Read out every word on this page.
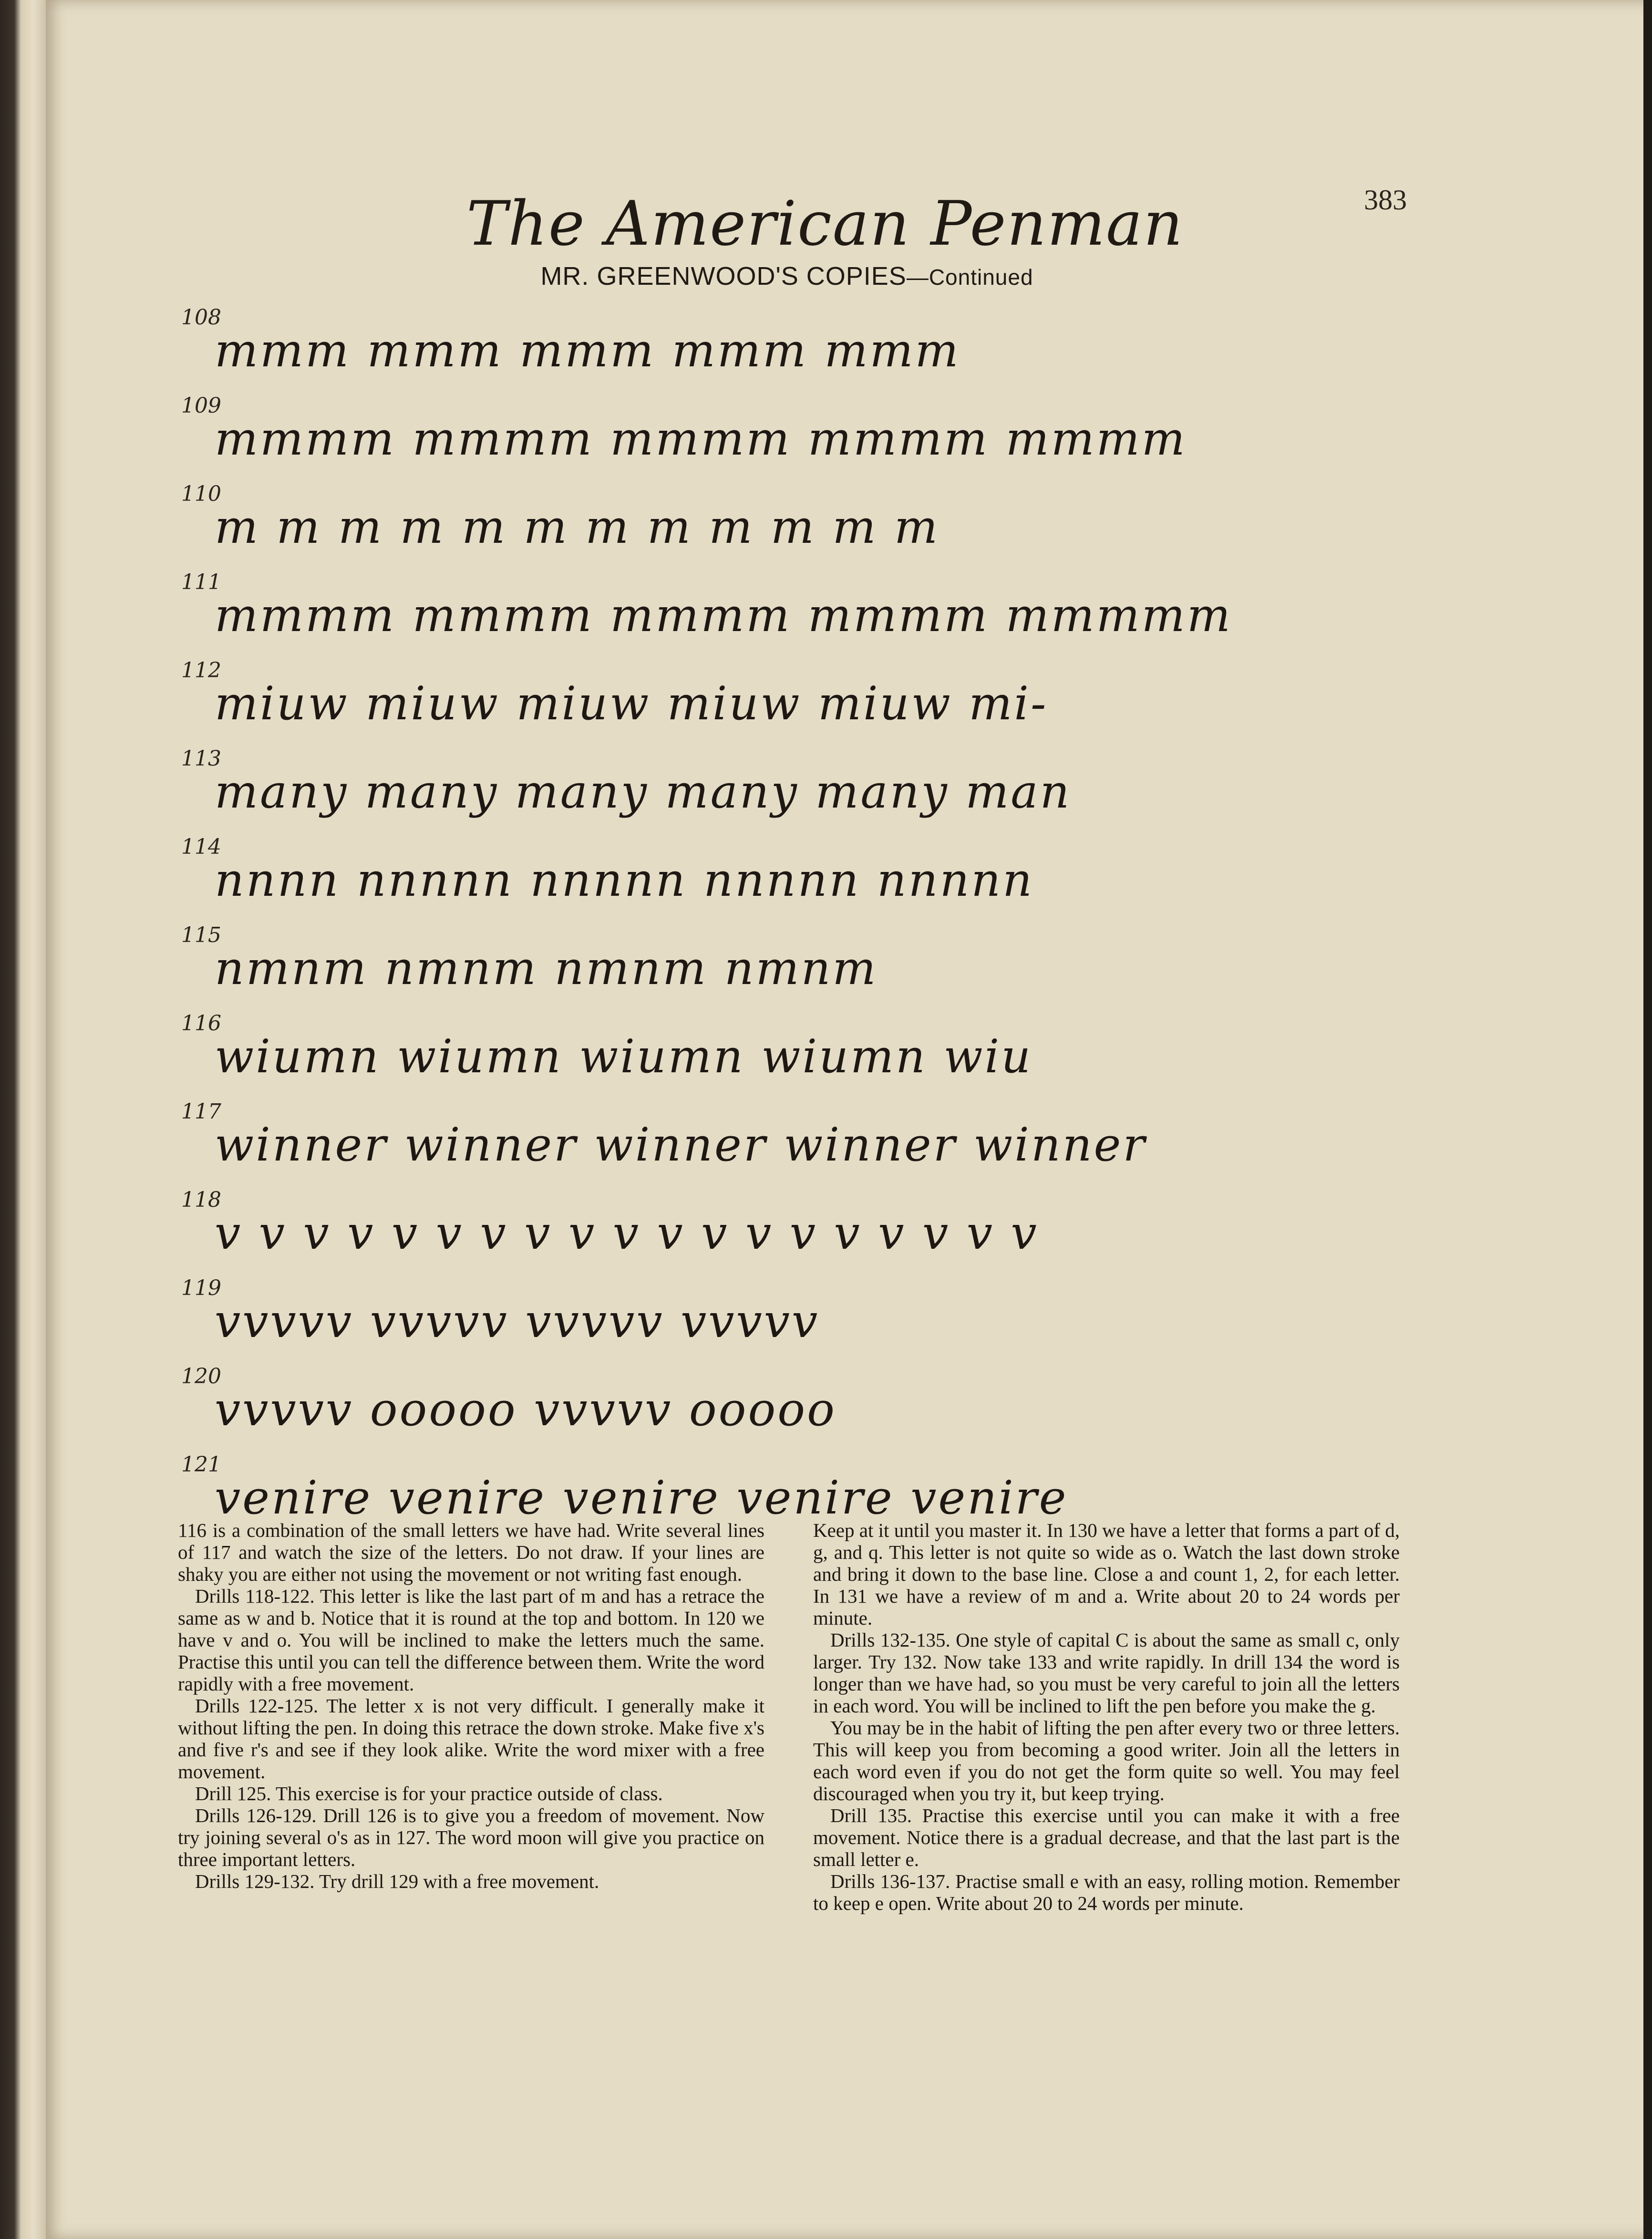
The American Penman	383
MR. GREENWOOD'S COPIES—Continued
108
mmm mmm mmm mmm mmm
109
mmmm mmmm mmmm mmmm mmmm
110
m m m m m m m m m m m m
111
mmmm mmmm mmmm mmmm mmmmm
112
miuw miuw miuw miuw miuw mi-
113
many many many many many man
114
nnnn nnnnn nnnnn nnnnn nnnnn
115
nmnm nmnm nmnm nmnm
116
wiumn wiumn wiumn wiumn wiu
117
winner winner winner winner winner
118
v v v v v v v v v v v v v v v v v v v
119
vvvvv vvvvv vvvvv vvvvv
120
vvvvv ooooo vvvvv ooooo
121
venire venire venire venire venire

116 is a combination of the small letters we have had. Write several lines of 117 and watch the size of the letters. Do not draw. If your lines are shaky you are either not using the movement or not writing fast enough.

Drills 118-122. This letter is like the last part of m and has a retrace the same as w and b. Notice that it is round at the top and bottom. In 120 we have v and o. You will be inclined to make the letters much the same. Practise this until you can tell the difference between them. Write the word rapidly with a free movement.

Drills 122-125. The letter x is not very difficult. I generally make it without lifting the pen. In doing this retrace the down stroke. Make five x's and five r's and see if they look alike. Write the word mixer with a free movement.

Drill 125. This exercise is for your practice outside of class.

Drills 126-129. Drill 126 is to give you a freedom of movement. Now try joining several o's as in 127. The word moon will give you practice on three important letters.

Drills 129-132. Try drill 129 with a free movement.

Keep at it until you master it. In 130 we have a letter that forms a part of d, g, and q. This letter is not quite so wide as o. Watch the last down stroke and bring it down to the base line. Close a and count 1, 2, for each letter. In 131 we have a review of m and a. Write about 20 to 24 words per minute.

Drills 132-135. One style of capital C is about the same as small c, only larger. Try 132. Now take 133 and write rapidly. In drill 134 the word is longer than we have had, so you must be very careful to join all the letters in each word. You will be inclined to lift the pen before you make the g.

You may be in the habit of lifting the pen after every two or three letters. This will keep you from becoming a good writer. Join all the letters in each word even if you do not get the form quite so well. You may feel discouraged when you try it, but keep trying.

Drill 135. Practise this exercise until you can make it with a free movement. Notice there is a gradual decrease, and that the last part is the small letter e.

Drills 136-137. Practise small e with an easy, rolling motion. Remember to keep e open. Write about 20 to 24 words per minute.
